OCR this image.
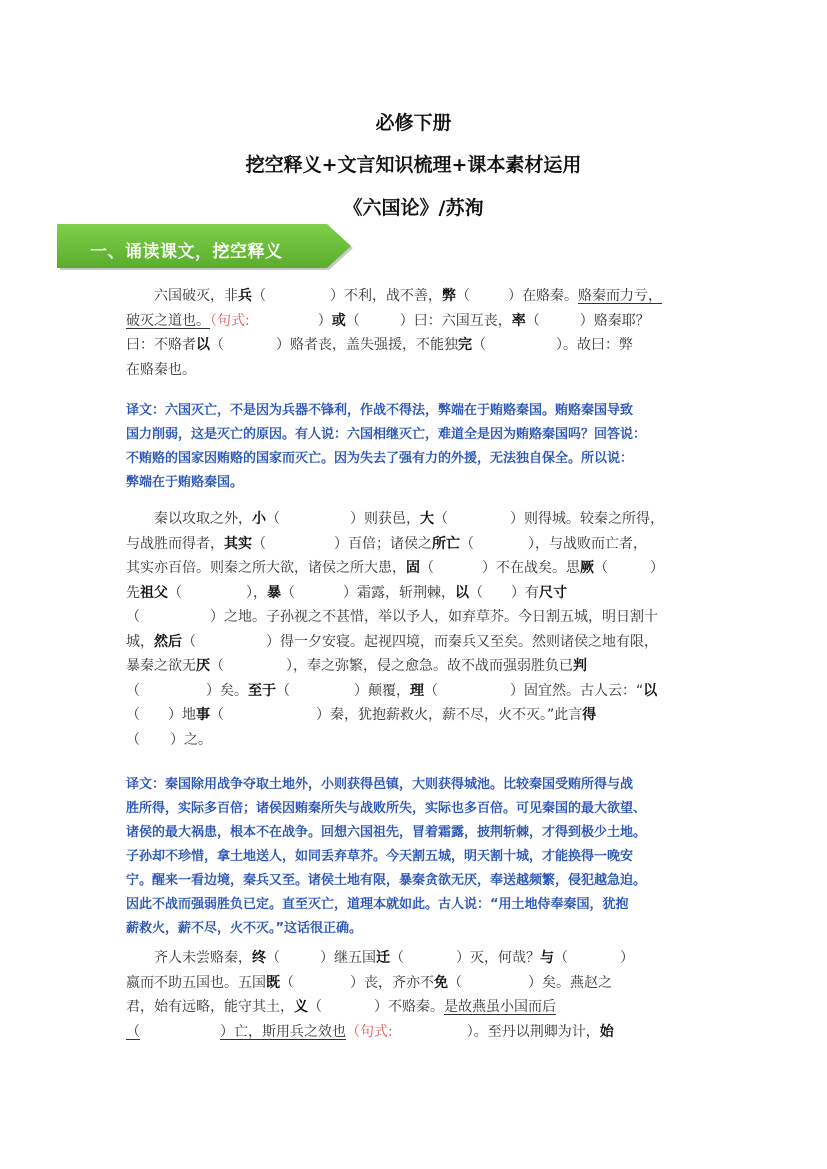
必修下册
挖空释义+文言知识梳理+课本素材运用
《六国论》/苏洵
一、诵读课文，挖空释义
六国破灭，非兵（	）不利，战不善，弊（	）在赂秦。赂秦而力亏，
破灭之道也。（句式:	）或（	）曰：六国互丧，率（	）赂秦耶？
曰：不赂者以（	）赂者丧，盖失强援，不能独完（	）。故曰：弊
在赂秦也。
译文：六国灭亡，不是因为兵器不锋利，作战不得法，弊端在于贿赂秦国。贿赂秦国导致
国力削弱，这是灭亡的原因。有人说：六国相继灭亡，难道全是因为贿赂秦国吗？回答说：
不贿赂的国家因贿赂的国家而灭亡。因为失去了强有力的外援，无法独自保全。所以说：
弊端在于贿赂秦国。
秦以攻取之外，小（	）则获邑，大（	）则得城。较秦之所得，
与战胜而得者，其实（	）百倍；诸侯之所亡（	），与战败而亡者，
其实亦百倍。则秦之所大欲，诸侯之所大患，固（	）不在战矣。思厥（	）
先祖父（	），暴（	）霜露，斩荆棘，以（ ）有尺寸
（	）之地。子孙视之不甚惜，举以予人，如弃草芥。今日割五城，明日割十
城，然后（	）得一夕安寝。起视四境，而秦兵又至矣。然则诸侯之地有限，
暴秦之欲无厌（	），奉之弥繁，侵之愈急。故不战而强弱胜负已判
（	）矣。至于（	）颠覆，理（	）固宜然。古人云：“以
（ ）地事（	）秦，犹抱薪救火，薪不尽，火不灭。”此言得
（ ）之。
译文：秦国除用战争夺取土地外，小则获得邑镇，大则获得城池。比较秦国受贿所得与战
胜所得，实际多百倍；诸侯因贿秦所失与战败所失，实际也多百倍。可见秦国的最大欲望、
诸侯的最大祸患，根本不在战争。回想六国祖先，冒着霜露，披荆斩棘，才得到极少土地。
子孙却不珍惜，拿土地送人，如同丢弃草芥。今天割五城，明天割十城，才能换得一晚安
宁。醒来一看边境，秦兵又至。诸侯土地有限，暴秦贪欲无厌，奉送越频繁，侵犯越急迫。
因此不战而强弱胜负已定。直至灭亡，道理本就如此。古人说：“用土地侍奉秦国，犹抱
薪救火，薪不尽，火不灭。”这话很正确。
齐人未尝赂秦，终（	）继五国迁（	）灭，何哉？与（	）
嬴而不助五国也。五国既（	）丧，齐亦不免（	）矣。燕赵之
君，始有远略，能守其土，义（	）不赂秦。是故燕虽小国而后
（	）亡，斯用兵之效也（句式:	）。至丹以荆卿为计，始
